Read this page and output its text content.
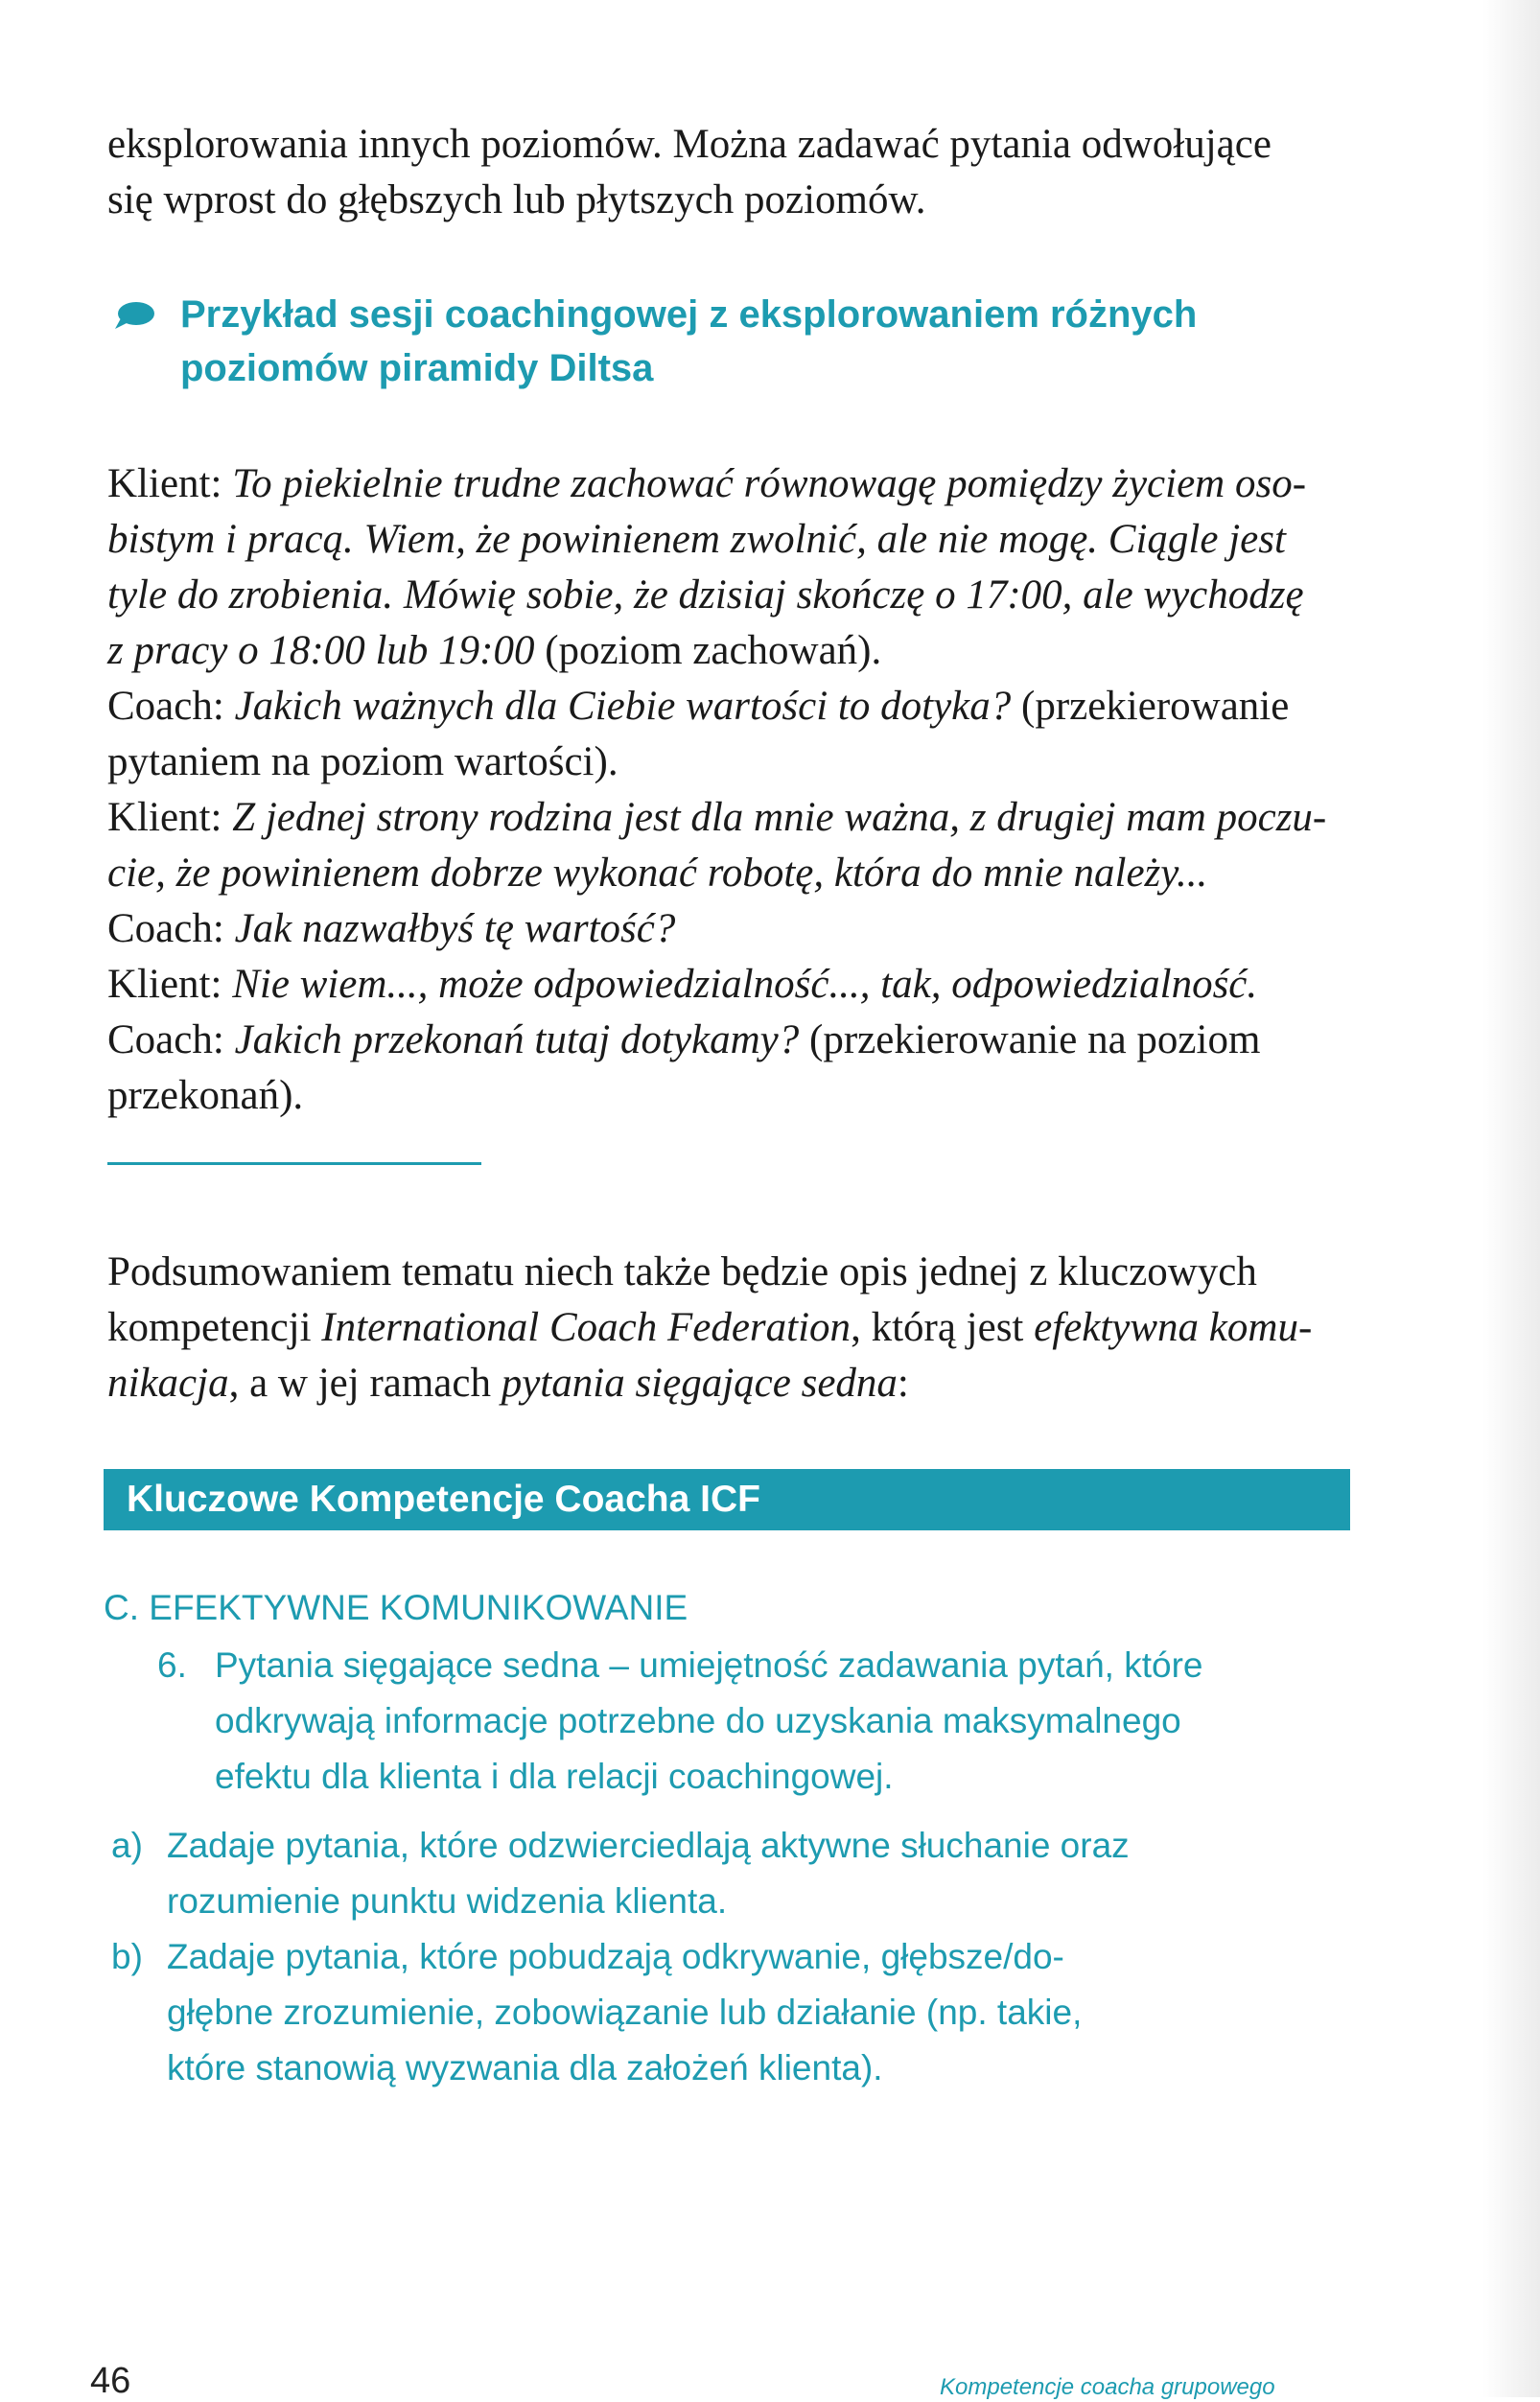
eksplorowania innych poziomów. Można zadawać pytania odwołujące
się wprost do głębszych lub płytszych poziomów.
Przykład sesji coachingowej z eksplorowaniem różnych
poziomów piramidy Diltsa
Klient: To piekielnie trudne zachować równowagę pomiędzy życiem oso-
bistym i pracą. Wiem, że powinienem zwolnić, ale nie mogę. Ciągle jest
tyle do zrobienia. Mówię sobie, że dzisiaj skończę o 17:00, ale wychodzę
z pracy o 18:00 lub 19:00 (poziom zachowań).
Coach: Jakich ważnych dla Ciebie wartości to dotyka? (przekierowanie
pytaniem na poziom wartości).
Klient: Z jednej strony rodzina jest dla mnie ważna, z drugiej mam poczu-
cie, że powinienem dobrze wykonać robotę, która do mnie należy...
Coach: Jak nazwałbyś tę wartość?
Klient: Nie wiem..., może odpowiedzialność..., tak, odpowiedzialność.
Coach: Jakich przekonań tutaj dotykamy? (przekierowanie na poziom
przekonań).
Podsumowaniem tematu niech także będzie opis jednej z kluczowych
kompetencji International Coach Federation, którą jest efektywna komu-
nikacja, a w jej ramach pytania sięgające sedna:
Kluczowe Kompetencje Coacha ICF
C. EFEKTYWNE KOMUNIKOWANIE
6. Pytania sięgające sedna – umiejętność zadawania pytań, które
odkrywają informacje potrzebne do uzyskania maksymalnego
efektu dla klienta i dla relacji coachingowej.
a) Zadaje pytania, które odzwierciedlają aktywne słuchanie oraz
rozumienie punktu widzenia klienta.
b) Zadaje pytania, które pobudzają odkrywanie, głębsze/do-
głębne zrozumienie, zobowiązanie lub działanie (np. takie,
które stanowią wyzwania dla założeń klienta).
46	Kompetencje coacha grupowego
